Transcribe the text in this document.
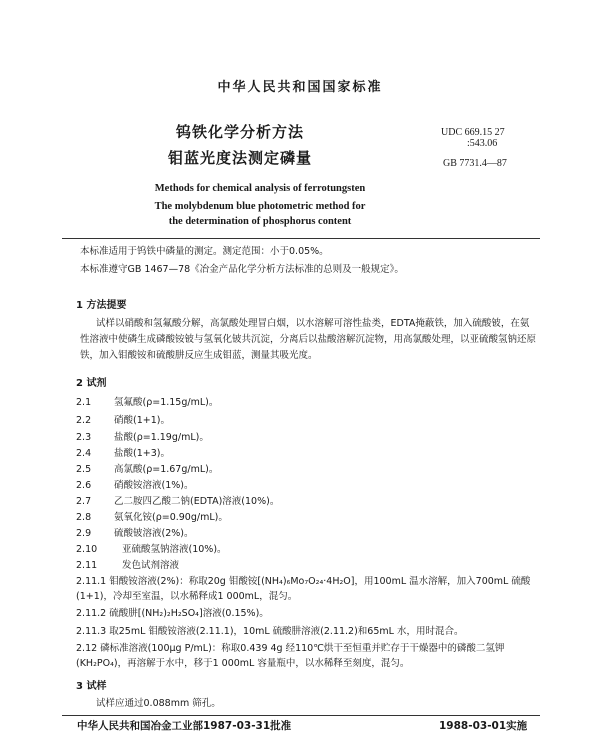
中华人民共和国国家标准
钨铁化学分析方法
钼蓝光度法测定磷量
UDC 669.15 27
:543.06
GB 7731.4—87
Methods for chemical analysis of ferrotungsten
The molybdenum blue photometric method for
the determination of phosphorus content
本标准适用于钨铁中磷量的测定。测定范围：小于0.05%。
本标准遵守GB 1467—78《冶金产品化学分析方法标准的总则及一般规定》。
1 方法提要
试样以硝酸和氢氟酸分解，高氯酸处理冒白烟，以水溶解可溶性盐类，EDTA掩蔽铁，加入硫酸铍，在氨性溶液中使磷生成磷酸铵铍与氢氧化铍共沉淀，分离后以盐酸溶解沉淀物，用高氯酸处理，以亚硫酸氢钠还原铁，加入钼酸铵和硫酸肼反应生成钼蓝，测量其吸光度。
2 试剂
2.1 氢氟酸(ρ=1.15g/mL)。
2.2 硝酸(1+1)。
2.3 盐酸(ρ=1.19g/mL)。
2.4 盐酸(1+3)。
2.5 高氯酸(ρ=1.67g/mL)。
2.6 硝酸铵溶液(1%)。
2.7 乙二胺四乙酸二钠(EDTA)溶液(10%)。
2.8 氨氧化铵(ρ=0.90g/mL)。
2.9 硫酸铍溶液(2%)。
2.10	亚硫酸氢钠溶液(10%)。
2.11	发色试剂溶液
2.11.1 钼酸铵溶液(2%)：称取20g 钼酸铵[(NH₄)₆Mo₇O₂₄·4H₂O]，用100mL 温水溶解，加入700mL 硫酸(1+1)，冷却至室温，以水稀释成1 000mL，混匀。
2.11.2 硫酸肼[(NH₂)₂H₂SO₄]溶液(0.15%)。
2.11.3 取25mL 钼酸铵溶液(2.11.1)，10mL 硫酸肼溶液(2.11.2)和65mL 水，用时混合。
2.12 磷标准溶液(100μg P/mL)：称取0.439 4g 经110℃烘干至恒重并贮存于干燥器中的磷酸二氢钾(KH₂PO₄)，再溶解于水中，移于1 000mL 容量瓶中，以水稀释至刻度，混匀。
3 试样
试样应通过0.088mm 筛孔。
中华人民共和国冶金工业部1987-03-31批准	1988-03-01实施
